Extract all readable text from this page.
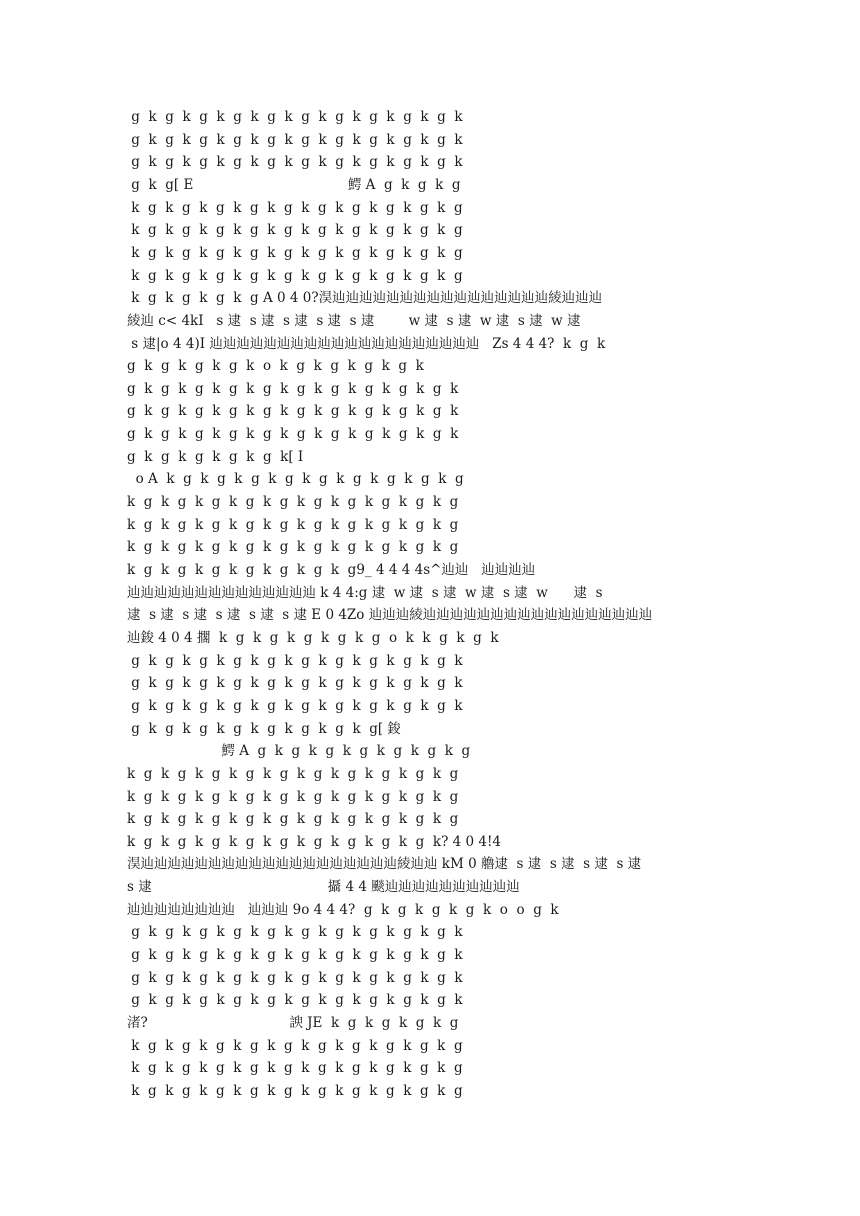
g  k  g  k  g  k  g  k  g  k  g  k  g  k  g  k  g  k  g  k
g  k  g  k  g  k  g  k  g  k  g  k  g  k  g  k  g  k  g  k
g  k  g  k  g  k  g  k  g  k  g  k  g  k  g  k  g  k  g  k
g  k  g[ E                                    鰐 A  g  k  g  k  g
k  g  k  g  k  g  k  g  k  g  k  g  k  g  k  g  k  g  k  g
k  g  k  g  k  g  k  g  k  g  k  g  k  g  k  g  k  g  k  g
k  g  k  g  k  g  k  g  k  g  k  g  k  g  k  g  k  g  k  g
k  g  k  g  k  g  k  g  k  g  k  g  k  g  k  g  k  g  k  g
k  g  k  g  k  g  k  g A 0 4 0?淏辿辿辿辿辿辿辿辿辿辿辿辿辿辿辿辿綾辿辿辿
綾辿 c< 4kI   s 逮  s 逮  s 逮  s 逮  s 逮        w 逮  s 逮  w 逮  s 逮  w 逮
s 逮|o 4 4)I 辿辿辿辿辿辿辿辿辿辿辿辿辿辿辿辿辿辿辿辿   Zs 4 4 4?  k  g  k
g  k  g  k  g  k  g  k  o  k  g  k  g  k  g  k  g  k
g  k  g  k  g  k  g  k  g  k  g  k  g  k  g  k  g  k  g  k
g  k  g  k  g  k  g  k  g  k  g  k  g  k  g  k  g  k  g  k
g  k  g  k  g  k  g  k  g  k  g  k  g  k  g  k  g  k  g  k
g  k  g  k  g  k  g  k  g  k[ I
o A  k  g  k  g  k  g  k  g  k  g  k  g  k  g  k  g  k  g
k  g  k  g  k  g  k  g  k  g  k  g  k  g  k  g  k  g  k  g
k  g  k  g  k  g  k  g  k  g  k  g  k  g  k  g  k  g  k  g
k  g  k  g  k  g  k  g  k  g  k  g  k  g  k  g  k  g  k  g
k  g  k  g  k  g  k  g  k  g  k  g  k  g9_ 4 4 4 4s^辿辿   辿辿辿辿
辿辿辿辿辿辿辿辿辿辿辿辿辿辿 k 4 4:g 逮  w 逮  s 逮  w 逮  s 逮  w      逮  s
逮  s 逮  s 逮  s 逮  s 逮  s 逮 E 0 4Zo 辿辿辿綾辿辿辿辿辿辿辿辿辿辿辿辿辿辿辿辿辿
辿鋑 4 0 4 擱  k  g  k  g  k  g  k  g  k  g  o  k  k  g  k  g  k
g  k  g  k  g  k  g  k  g  k  g  k  g  k  g  k  g  k  g  k
g  k  g  k  g  k  g  k  g  k  g  k  g  k  g  k  g  k  g  k
g  k  g  k  g  k  g  k  g  k  g  k  g  k  g  k  g  k  g  k
g  k  g  k  g  k  g  k  g  k  g  k  g  k  g[ 鋑
鰐 A  g  k  g  k  g  k  g  k  g  k  g  k  g
k  g  k  g  k  g  k  g  k  g  k  g  k  g  k  g  k  g  k  g
k  g  k  g  k  g  k  g  k  g  k  g  k  g  k  g  k  g  k  g
k  g  k  g  k  g  k  g  k  g  k  g  k  g  k  g  k  g  k  g
k  g  k  g  k  g  k  g  k  g  k  g  k  g  k  g  k  g  k? 4 0 4!4
淏辿辿辿辿辿辿辿辿辿辿辿辿辿辿辿辿辿辿辿綾辿辿 kM 0 艪逮  s 逮  s 逮  s 逮  s 逮
s 逮                                         攝 4 4 颷辿辿辿辿辿辿辿辿辿辿
辿辿辿辿辿辿辿辿   辿辿辿 9o 4 4 4?  g  k  g  k  g  k  g  k  o  o  g  k
g  k  g  k  g  k  g  k  g  k  g  k  g  k  g  k  g  k  g  k
g  k  g  k  g  k  g  k  g  k  g  k  g  k  g  k  g  k  g  k
g  k  g  k  g  k  g  k  g  k  g  k  g  k  g  k  g  k  g  k
g  k  g  k  g  k  g  k  g  k  g  k  g  k  g  k  g  k  g  k
渚?                                 諛 JE  k  g  k  g  k  g  k  g
k  g  k  g  k  g  k  g  k  g  k  g  k  g  k  g  k  g  k  g
k  g  k  g  k  g  k  g  k  g  k  g  k  g  k  g  k  g  k  g
k  g  k  g  k  g  k  g  k  g  k  g  k  g  k  g  k  g  k  g
